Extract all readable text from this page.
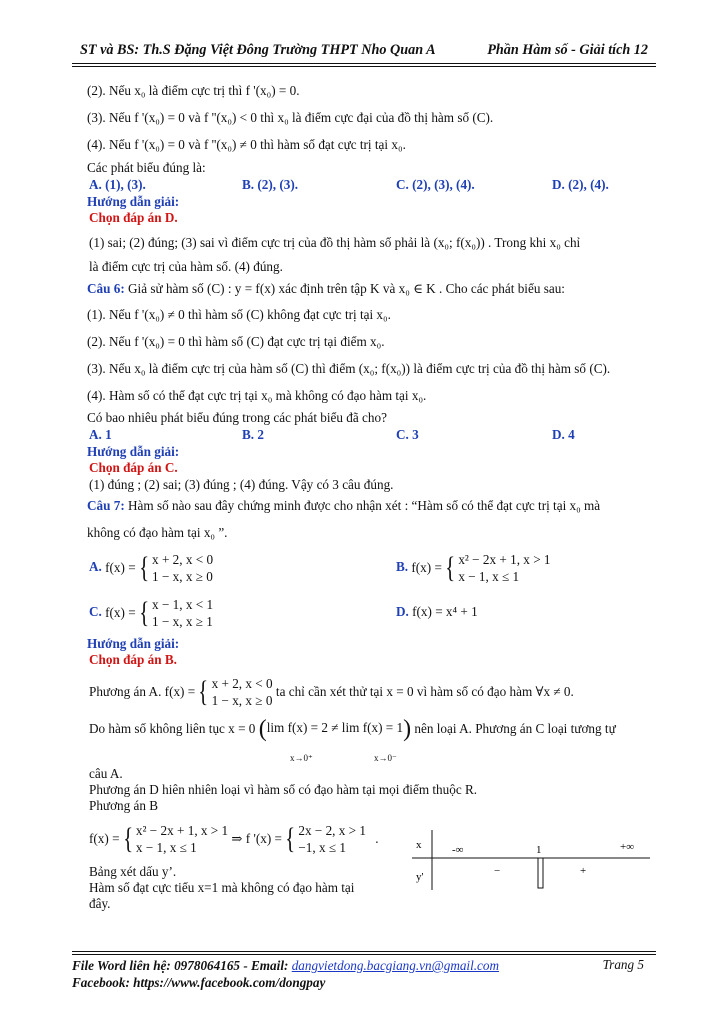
ST và BS: Th.S Đặng Việt Đông Trường THPT Nho Quan A	Phần Hàm số - Giải tích 12
(2). Nếu x₀ là điểm cực trị thì f '(x₀) = 0.
(3). Nếu f '(x₀) = 0 và f ''(x₀) < 0 thì x₀ là điểm cực đại của đồ thị hàm số (C).
(4). Nếu f '(x₀) = 0 và f ''(x₀) ≠ 0 thì hàm số đạt cực trị tại x₀.
Các phát biểu đúng là:
A. (1), (3).	B. (2), (3).	C. (2), (3), (4).	D. (2), (4).
Hướng dẫn giải:
Chọn đáp án D.
(1) sai; (2) đúng; (3) sai vì điểm cực trị của đồ thị hàm số phải là (x₀; f(x₀)) . Trong khi x₀ chỉ
là điểm cực trị của hàm số. (4) đúng.
Câu 6: Giả sử hàm số (C) : y = f(x) xác định trên tập K và x₀ ∈ K . Cho các phát biểu sau:
(1). Nếu f '(x₀) ≠ 0 thì hàm số (C) không đạt cực trị tại x₀.
(2). Nếu f '(x₀) = 0 thì hàm số (C) đạt cực trị tại điểm x₀.
(3). Nếu x₀ là điểm cực trị của hàm số (C) thì điểm (x₀; f(x₀)) là điểm cực trị của đồ thị hàm số (C).
(4). Hàm số có thể đạt cực trị tại x₀ mà không có đạo hàm tại x₀.
Có bao nhiêu phát biểu đúng trong các phát biểu đã cho?
A. 1	B. 2	C. 3	D. 4
Hướng dẫn giải:
Chọn đáp án C.
(1) đúng ; (2) sai; (3) đúng ; (4) đúng. Vậy có 3 câu đúng.
Câu 7: Hàm số nào sau đây chứng minh được cho nhận xét : “Hàm số có thể đạt cực trị tại x₀ mà
không có đạo hàm tại x₀ ”.
A. f(x) = { x + 2, x < 0
1 − x, x ≥ 0
B. f(x) = { x² − 2x + 1, x > 1
x − 1, x ≤ 1
C. f(x) = { x − 1, x < 1
1 − x, x ≥ 1
D. f(x) = x⁴ + 1
Hướng dẫn giải:
Chọn đáp án B.
Phương án A. f(x) = { x + 2, x < 0
1 − x, x ≥ 0 ta chỉ cần xét thử tại x = 0 vì hàm số có đạo hàm ∀x ≠ 0.
Do hàm số không liên tục x = 0 (lim f(x) = 2 ≠ lim f(x) = 1) nên loại A. Phương án C loại tương tự
x→0⁺	x→0⁻
câu A.
Phương án D hiên nhiên loại vì hàm số có đạo hàm tại mọi điểm thuộc R.
Phương án B
f(x) = { x² − 2x + 1, x > 1
x − 1, x ≤ 1 ⇒ f '(x) = { 2x − 2, x > 1
−1, x ≤ 1 .
Bảng xét dấu y’.
Hàm số đạt cực tiểu x=1 mà không có đạo hàm tại
đây.
x
y'
-∞	1	+∞
−	+
File Word liên hệ: 0978064165 - Email: dangvietdong.bacgiang.vn@gmail.com
Facebook: https://www.facebook.com/dongpay
Trang 5
